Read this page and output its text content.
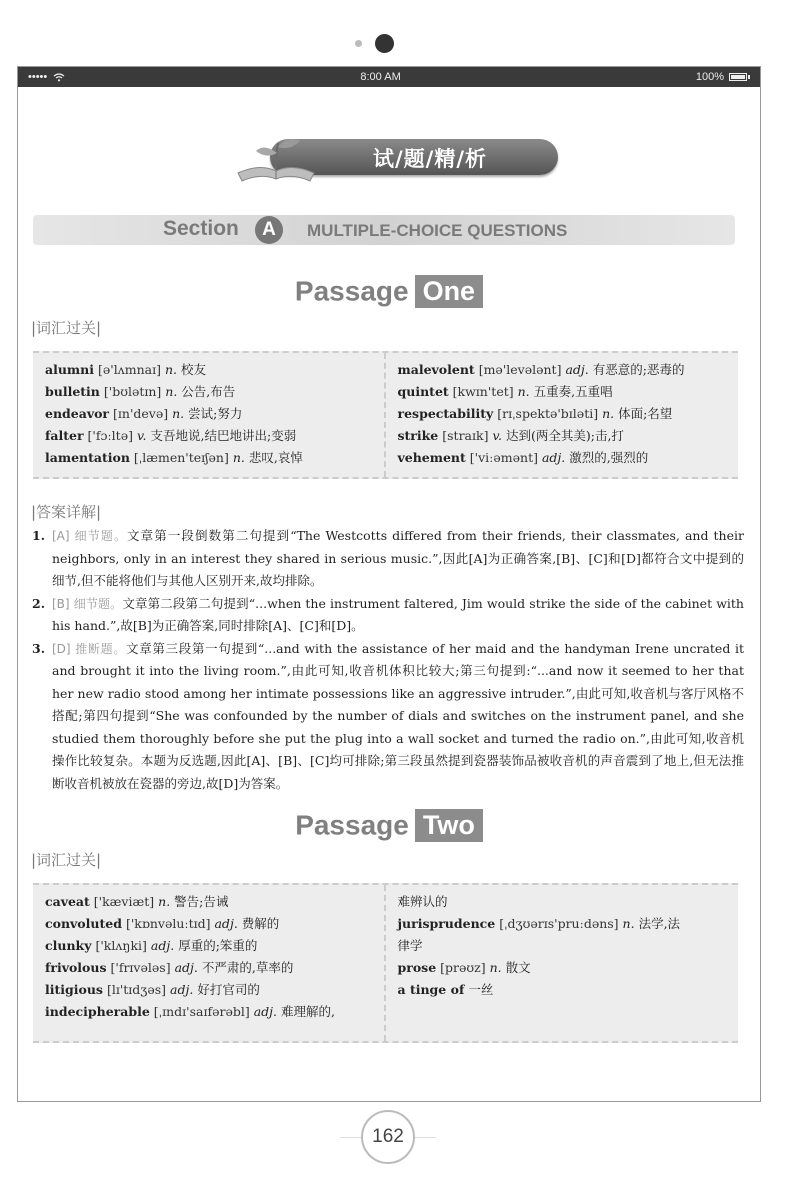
•••••	8:00 AM	100%
试/题/精/析
Section	A	MULTIPLE-CHOICE QUESTIONS
Passage One
|词汇过关|
alumni [ə'lʌmnaɪ] n. 校友
bulletin ['bʊlətɪn] n. 公告,布告
endeavor [ɪn'devə] n. 尝试;努力
falter ['fɔːltə] v. 支吾地说,结巴地讲出;变弱
lamentation [ˌlæmen'teɪʃən] n. 悲叹,哀悼
malevolent [mə'levələnt] adj. 有恶意的;恶毒的
quintet [kwɪn'tet] n. 五重奏,五重唱
respectability [rɪˌspektə'bɪləti] n. 体面;名望
strike [straɪk] v. 达到(两全其美);击,打
vehement ['viːəmənt] adj. 激烈的,强烈的
|答案详解|

1. [A] 细节题。文章第一段倒数第二句提到“The Westcotts differed from their friends, their classmates, and their neighbors, only in an interest they shared in serious music.”,因此[A]为正确答案,[B]、[C]和[D]都符合文中提到的细节,但不能将他们与其他人区别开来,故均排除。

2. [B] 细节题。文章第二段第二句提到“...when the instrument faltered, Jim would strike the side of the cabinet with his hand.”,故[B]为正确答案,同时排除[A]、[C]和[D]。

3. [D] 推断题。文章第三段第一句提到“...and with the assistance of her maid and the handyman Irene uncrated it and brought it into the living room.”,由此可知,收音机体积比较大;第三句提到:“...and now it seemed to her that her new radio stood among her intimate possessions like an aggressive intruder.”,由此可知,收音机与客厅风格不搭配;第四句提到“She was confounded by the number of dials and switches on the instrument panel, and she studied them thoroughly before she put the plug into a wall socket and turned the radio on.”,由此可知,收音机操作比较复杂。本题为反选题,因此[A]、[B]、[C]均可排除;第三段虽然提到瓷器装饰品被收音机的声音震到了地上,但无法推断收音机被放在瓷器的旁边,故[D]为答案。

Passage Two
|词汇过关|
caveat ['kæviæt] n. 警告;告诫
convoluted ['kɒnvəluːtɪd] adj. 费解的
clunky ['klʌŋki] adj. 厚重的;笨重的
frivolous ['frɪvələs] adj. 不严肃的,草率的
litigious [lɪ'tɪdʒəs] adj. 好打官司的
indecipherable [ˌɪndɪ'saɪfərəbl] adj. 难理解的,
难辨认的
jurisprudence [ˌdʒʊərɪs'pruːdəns] n. 法学,法
律学
prose [prəʊz] n. 散文
a tinge of 一丝
162
